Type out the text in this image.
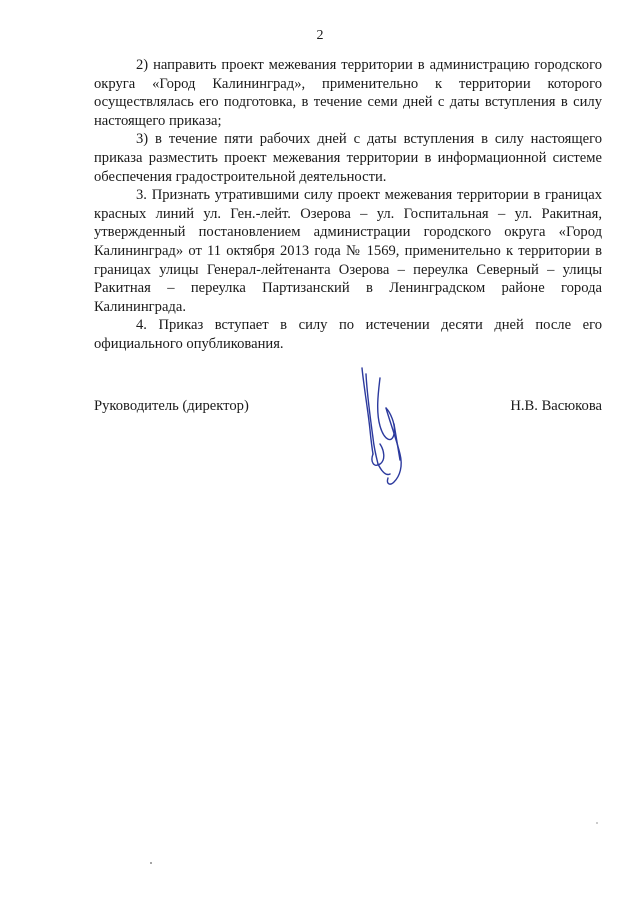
2

2) направить проект межевания территории в администрацию городского округа «Город Калининград», применительно к территории которого осуществлялась его подготовка, в течение семи дней с даты вступления в силу настоящего приказа;

3) в течение пяти рабочих дней с даты вступления в силу настоящего приказа разместить проект межевания территории в информационной системе обеспечения градостроительной деятельности.

3. Признать утратившими силу проект межевания территории в границах красных линий ул. Ген.-лейт. Озерова – ул. Госпитальная – ул. Ракитная, утвержденный постановлением администрации городского округа «Город Калининград» от 11 октября 2013 года № 1569, применительно к территории в границах улицы Генерал-лейтенанта Озерова – переулка Северный – улицы Ракитная – переулка Партизанский в Ленинградском районе города Калининграда.

4. Приказ вступает в силу по истечении десяти дней после его официального опубликования.

Руководитель (директор)	Н.В. Васюкова
